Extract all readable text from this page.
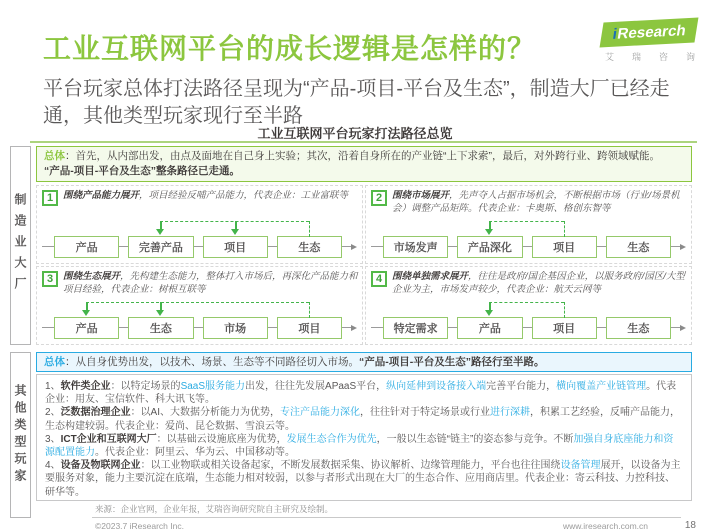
工业互联网平台的成长逻辑是怎样的？	i Research
艾 瑞 咨 询

平台玩家总体打法路径呈现为“产品-项目-平台及生态”，制造大厂已经走通，其他类型玩家现行至半路

工业互联网平台玩家打法路径总览
制造业大厂
其他类型玩家
总体：首先，从内部出发，由点及面地在自己身上实验；其次，沿着自身所在的产业链“上下求索”，最后，对外跨行业、跨领域赋能。
“产品-项目-平台及生态”整条路径已走通。
1	围绕产品能力展开，项目经验反哺产品能力，代表企业：工业富联等

产品	完善产品	项目	生态
2	围绕市场展开，先声夺人占据市场机会，不断根据市场（行业/场景机会）调整产品矩阵。代表企业：卡奥斯、格创东智等

市场发声	产品深化	项目	生态
3	围绕生态展开，先构建生态能力，整体打入市场后，再深化产品能力和项目经验，代表企业：树根互联等

产品	生态	市场	项目
4	围绕单独需求展开，往往是政府/国企基因企业，以服务政府/园区/大型企业为主，市场发声较少，代表企业：航天云网等

特定需求	产品	项目	生态
总体：从自身优势出发，以技术、场景、生态等不同路径切入市场。“产品-项目-平台及生态”路径行至半路。

1、软件类企业：以特定场景的SaaS服务能力出发，往往先发展APaaS平台，纵向延伸到设备接入端完善平台能力，横向覆盖产业链管理。代表企业：用友、宝信软件、科大讯飞等。

2、泛数据治理企业：以AI、大数据分析能力为优势，专注产品能力深化，往往针对于特定场景或行业进行深耕，积累工艺经验，反哺产品能力，生态构建较弱。代表企业：爱尚、昆仑数据、雪浪云等。

3、ICT企业和互联网大厂：以基础云设施底座为优势，发展生态合作为优先，一般以生态链“链主”的姿态参与竞争。不断加强自身底座能力和资源配置能力。代表企业：阿里云、华为云、中国移动等。

4、设备及物联网企业：以工业物联或相关设备起家，不断发展数据采集、协议解析、边缘管理能力，平台也往往围绕设备管理展开，以设备为主要服务对象，能力主要沉淀在底端，生态能力相对较弱，以参与者形式出现在大厂的生态合作、应用商店里。代表企业：寄云科技、力控科技、研华等。

来源：企业官网，企业年报，艾瑞咨询研究院自主研究及绘制。

©2023.7 iResearch Inc.	www.iresearch.com.cn	18
